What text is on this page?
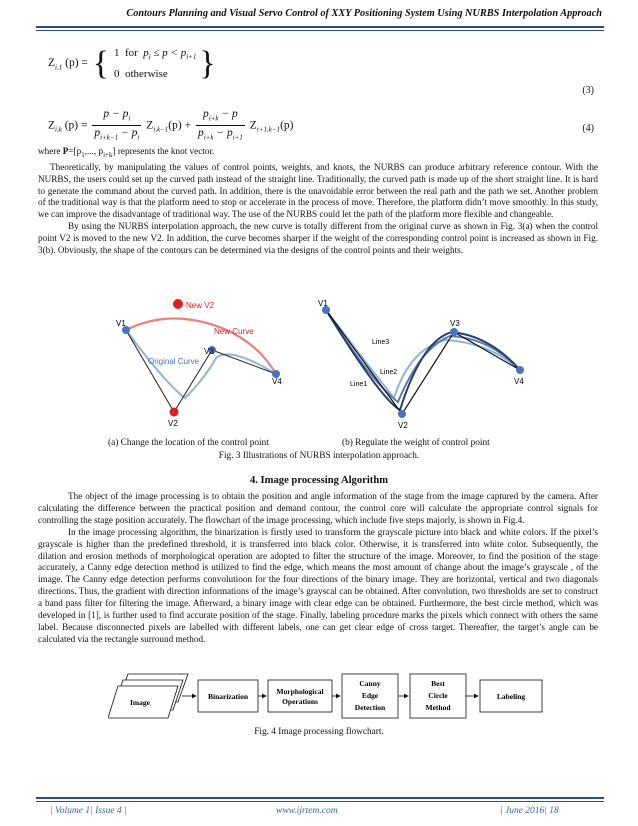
Contours Planning and Visual Servo Control of XXY Positioning System Using NURBS Interpolation Approach
$Z_{i,1}$ (p) = { 1 for $p_i \le p < p_{i+1}$
0 otherwise }
(3)
$Z_{i,k}$ $(p) = \frac{p - p_i}{p_{i+k-1} - p_i} Z_{i,k-1}(p) + \frac{p_{i+k} - p}{p_{i+k} - p_{i+1}} Z_{i+1,k-1}(p)$	(4)

where $P=[p_1$,..., $p_{i+k}$] represents the knot vector.

Theoretically, by manipulating the values of control points, weights, and knots, the NURBS can produce arbitrary reference contour. With the NURBS, the users could set up the curved path instead of the straight line. Traditionally, the curved path is made up of the short straight line. It is hard to generate the command about the curved path. In addition, there is the unavoidable error between the real path and the path we set. Another problem of the traditional way is that the platform need to stop or accelerate in the process of move. Therefore, the platform didn’t move smoothly. In this study, we can improve the disadvantage of traditional way. The use of the NURBS could let the path of the platform more flexible and changeable.

By using the NURBS interpolation approach, the new curve is totally different from the original curve as shown in Fig. 3(a) when the control point V2 is moved to the new V2. In addition, the curve becomes sharper if the weight of the corresponding control point is increased as shown in Fig. 3(b). Obviously, the shape of the contours can be determined via the designs of the control points and their weights.

V1
V2
V3
V4
New V2
New Curve
Original Curve
V1
V2
V3
V4
Line3
Line2
Line1
(a) Change the location of the control point	(b) Regulate the weight of control point
Fig. 3 Illustrations of NURBS interpolation approach.
4. Image processing Algorithm

The object of the image processing is to obtain the position and angle information of the stage from the image captured by the camera. After calculating the difference between the practical position and demand contour, the control core will calculate the appropriate control signals for controlling the stage position accurately. The flowchart of the image processing, which include five steps majorly, is shown in Fig.4.

In the image processing algorithm, the binarization is firstly used to transform the grayscale picture into black and white colors. If the pixel’s grayscale is higher than the predefined threshold, it is transferred into black color. Otherwise, it is transferred into white color. Subsequently, the dilation and erosion methods of morphological operation are adopted to filter the structure of the image. Moreover, to find the position of the stage accurately, a Canny edge detection method is utilized to find the edge, which means the most amount of change about the image’s grayscale , of the image. The Canny edge detection performs convolutioon for the four directions of the binary image. They are horizontal, vertical and two diagonals directions. Thus, the gradient with direction informations of the image’s grayscal can be obtained. After convolution, two thresholds are set to construct a band pass filter for filtering the image. Afterward, a binary image with clear edge can be obtained. Furthermore, the best circle method, which was developed in [1], is further used to find accurate position of the stage. Finally, labeling procedure marks the pixels which connect with others the same label. Because disconnected pixels are labelled with different labels, one can get clear edge of cross target. Thereafter, the target’s angle can be calculated via the rectangle surround method.

Image
Binarization
Morphological
Operations
Canny
Edge
Detection
Best
Circle
Method
Labeling
Fig. 4 Image processing flowchart.
| Volume 1| Issue 4 |	www.ijrtem.com	| June 2016| 18
